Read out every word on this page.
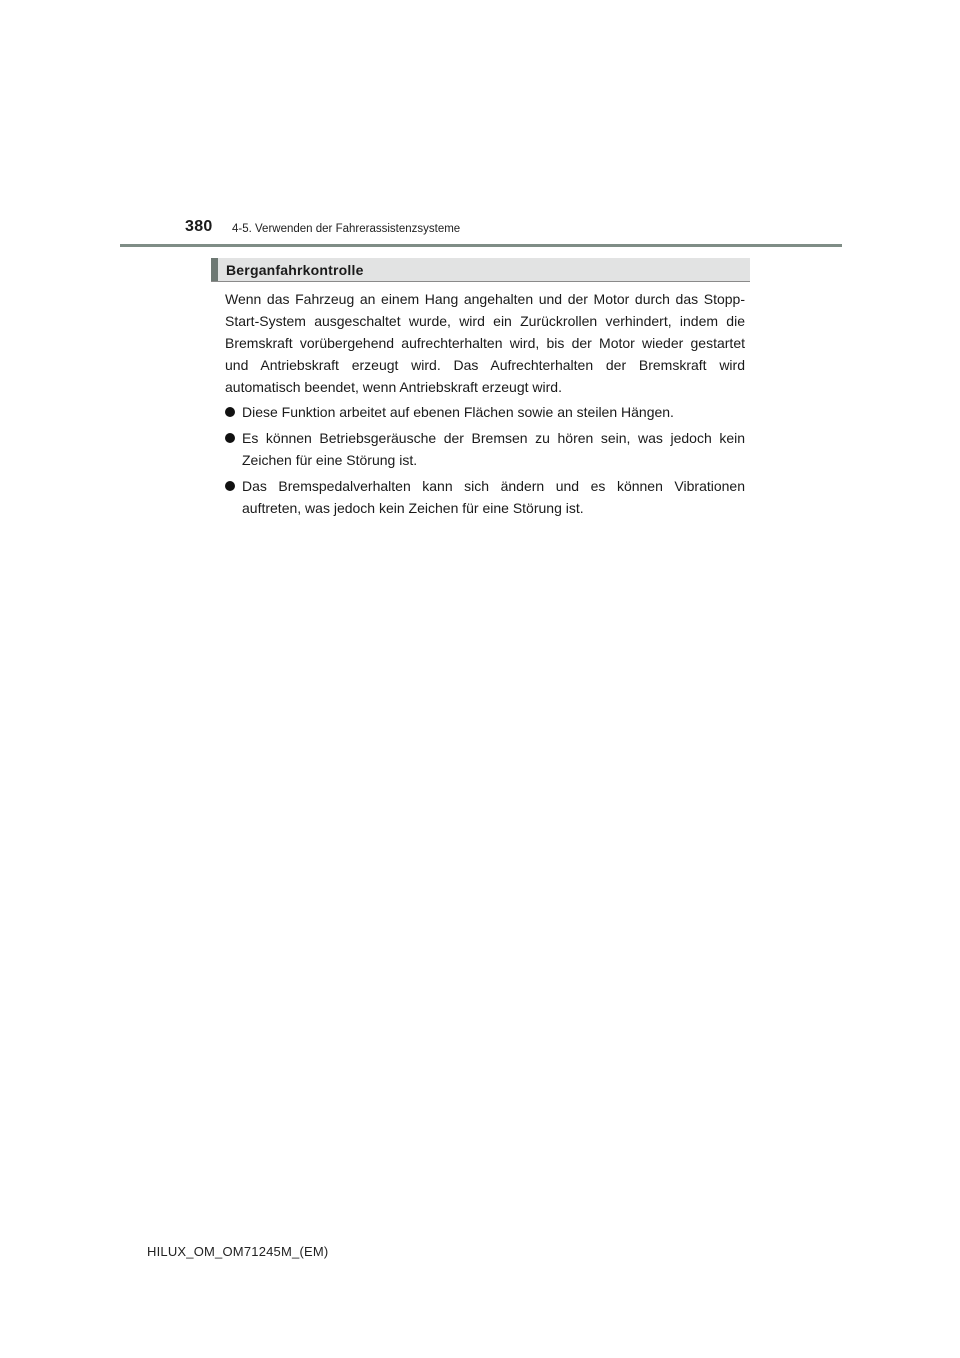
380 4-5. Verwenden der Fahrerassistenzsysteme
Berganfahrkontrolle

Wenn das Fahrzeug an einem Hang angehalten und der Motor durch das Stopp-Start-System ausgeschaltet wurde, wird ein Zurückrollen verhindert, indem die Bremskraft vorübergehend aufrechterhalten wird, bis der Motor wieder gestartet und Antriebskraft erzeugt wird. Das Aufrechterhalten der Bremskraft wird automatisch beendet, wenn Antriebskraft erzeugt wird.

Diese Funktion arbeitet auf ebenen Flächen sowie an steilen Hängen.
Es können Betriebsgeräusche der Bremsen zu hören sein, was jedoch kein Zeichen für eine Störung ist.
Das Bremspedalverhalten kann sich ändern und es können Vibrationen auftreten, was jedoch kein Zeichen für eine Störung ist.
HILUX_OM_OM71245M_(EM)
